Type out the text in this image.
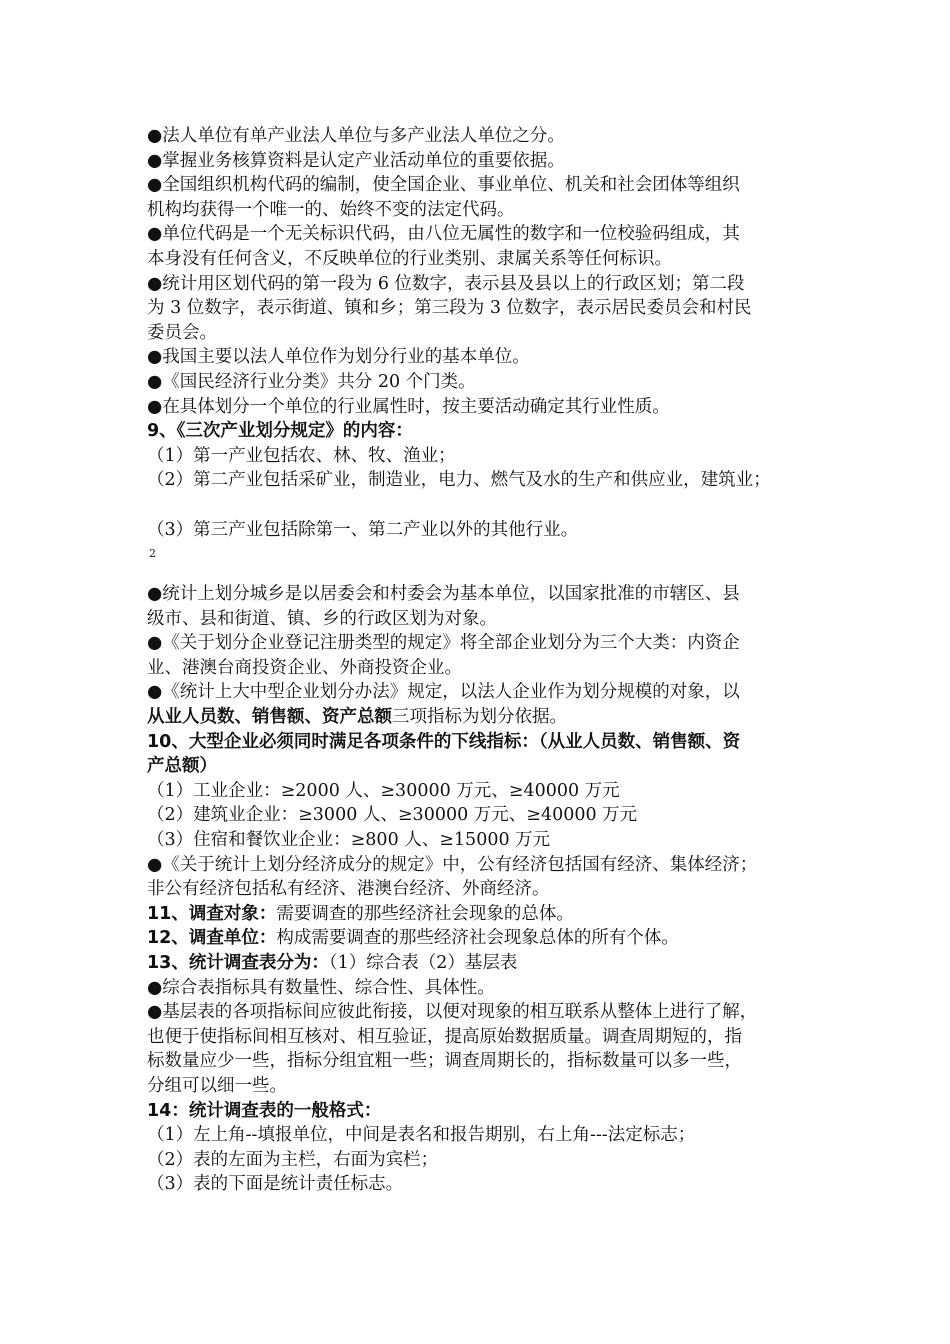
●法人单位有单产业法人单位与多产业法人单位之分。

●掌握业务核算资料是认定产业活动单位的重要依据。

●全国组织机构代码的编制，使全国企业、事业单位、机关和社会团体等组织

机构均获得一个唯一的、始终不变的法定代码。

●单位代码是一个无关标识代码，由八位无属性的数字和一位校验码组成，其

本身没有任何含义，不反映单位的行业类别、隶属关系等任何标识。

●统计用区划代码的第一段为 6 位数字，表示县及县以上的行政区划；第二段

为 3 位数字，表示街道、镇和乡；第三段为 3 位数字，表示居民委员会和村民

委员会。

●我国主要以法人单位作为划分行业的基本单位。

●《国民经济行业分类》共分 20 个门类。

●在具体划分一个单位的行业属性时，按主要活动确定其行业性质。

9、《三次产业划分规定》的内容：

（1）第一产业包括农、林、牧、渔业；

（2）第二产业包括采矿业，制造业，电力、燃气及水的生产和供应业，建筑业；

（3）第三产业包括除第一、第二产业以外的其他行业。

2

●统计上划分城乡是以居委会和村委会为基本单位，以国家批准的市辖区、县

级市、县和街道、镇、乡的行政区划为对象。

●《关于划分企业登记注册类型的规定》将全部企业划分为三个大类：内资企

业、港澳台商投资企业、外商投资企业。

●《统计上大中型企业划分办法》规定，以法人企业作为划分规模的对象，以

从业人员数、销售额、资产总额三项指标为划分依据。

10、大型企业必须同时满足各项条件的下线指标：（从业人员数、销售额、资

产总额）

（1）工业企业：≥2000 人、≥30000 万元、≥40000 万元

（2）建筑业企业：≥3000 人、≥30000 万元、≥40000 万元

（3）住宿和餐饮业企业：≥800 人、≥15000 万元

●《关于统计上划分经济成分的规定》中，公有经济包括国有经济、集体经济；

非公有经济包括私有经济、港澳台经济、外商经济。

11、调查对象：需要调查的那些经济社会现象的总体。

12、调查单位：构成需要调查的那些经济社会现象总体的所有个体。

13、统计调查表分为：（1）综合表（2）基层表

●综合表指标具有数量性、综合性、具体性。

●基层表的各项指标间应彼此衔接，以便对现象的相互联系从整体上进行了解，

也便于使指标间相互核对、相互验证，提高原始数据质量。调查周期短的，指

标数量应少一些，指标分组宜粗一些；调查周期长的，指标数量可以多一些，

分组可以细一些。

14：统计调查表的一般格式：

（1）左上角--填报单位，中间是表名和报告期别，右上角---法定标志；

（2）表的左面为主栏，右面为宾栏；

（3）表的下面是统计责任标志。
